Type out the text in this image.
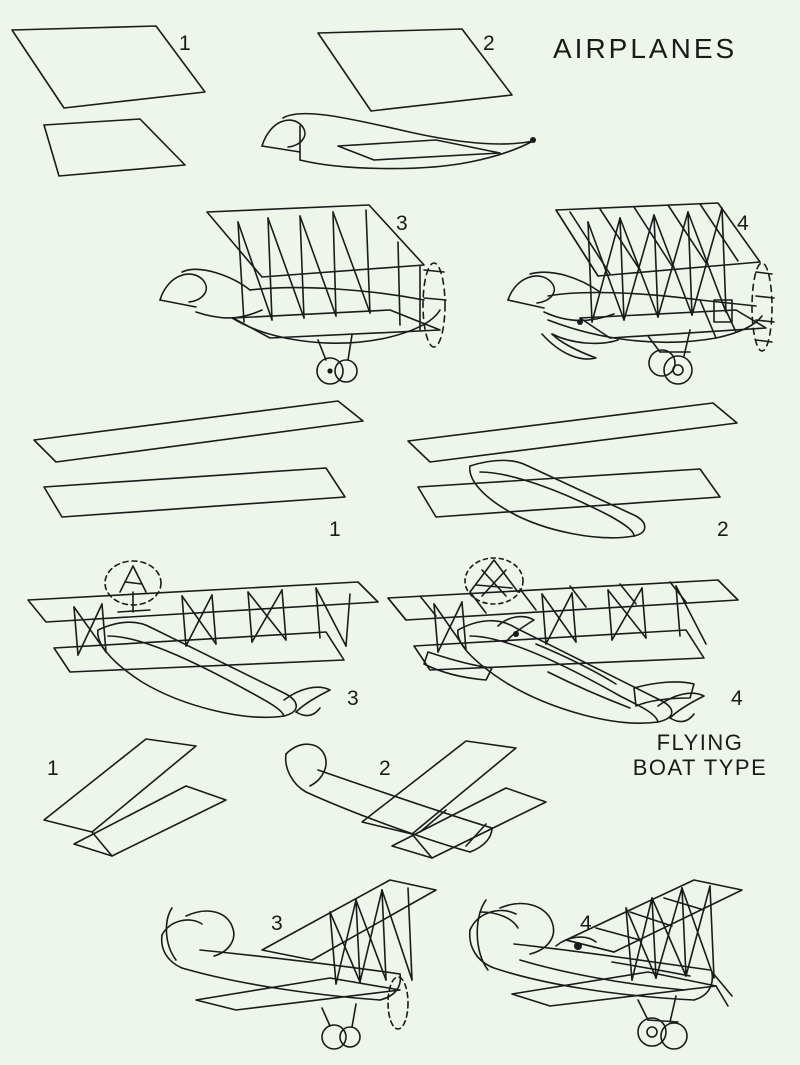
AIRPLANES
FLYING
BOAT TYPE
1	2
3	4
1	2
3	4
1	2
3	4
